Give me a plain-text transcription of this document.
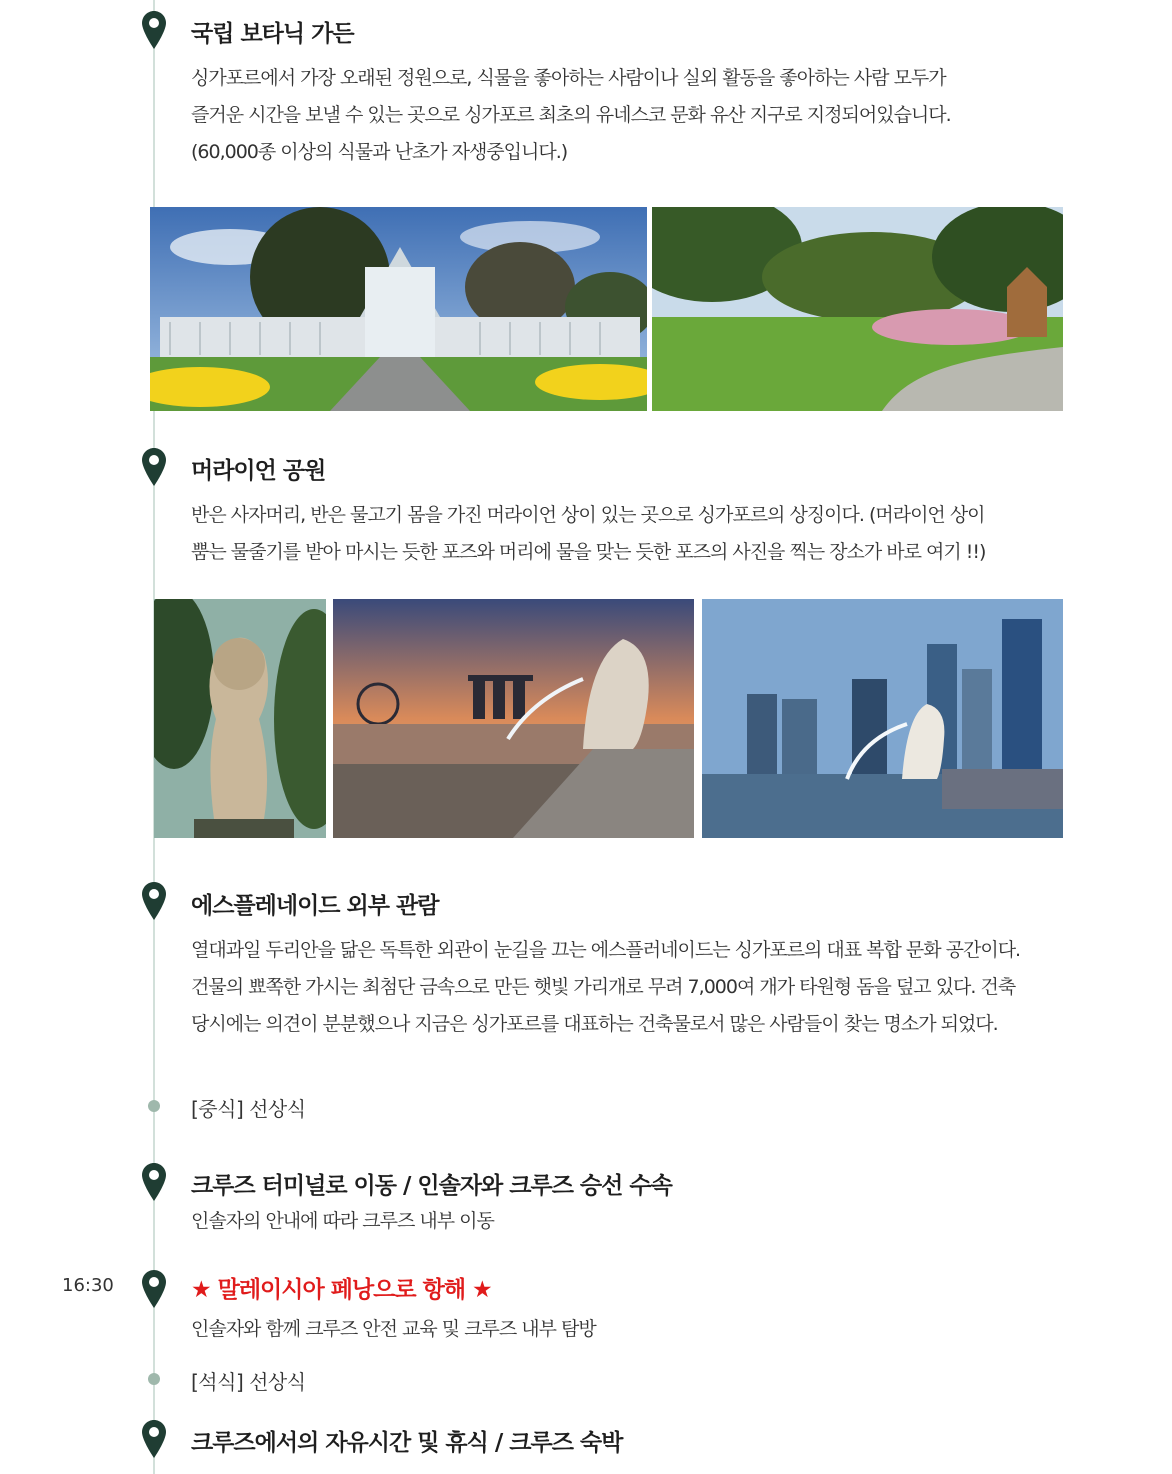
국립 보타닉 가든
싱가포르에서 가장 오래된 정원으로, 식물을 좋아하는 사람이나 실외 활동을 좋아하는 사람 모두가
즐거운 시간을 보낼 수 있는 곳으로 싱가포르 최초의 유네스코 문화 유산 지구로 지정되어있습니다.
(60,000종 이상의 식물과 난초가 자생중입니다.)
머라이언 공원
반은 사자머리, 반은 물고기 몸을 가진 머라이언 상이 있는 곳으로 싱가포르의 상징이다. (머라이언 상이
뿜는 물줄기를 받아 마시는 듯한 포즈와 머리에 물을 맞는 듯한 포즈의 사진을 찍는 장소가 바로 여기 !!)
에스플레네이드 외부 관람
열대과일 두리안을 닮은 독특한 외관이 눈길을 끄는 에스플러네이드는 싱가포르의 대표 복합 문화 공간이다.
건물의 뾰쪽한 가시는 최첨단 금속으로 만든 햇빛 가리개로 무려 7,000여 개가 타원형 돔을 덮고 있다. 건축
당시에는 의견이 분분했으나 지금은 싱가포르를 대표하는 건축물로서 많은 사람들이 찾는 명소가 되었다.
[중식] 선상식
크루즈 터미널로 이동 / 인솔자와 크루즈 승선 수속
인솔자의 안내에 따라 크루즈 내부 이동
16:30	★ 말레이시아 페낭으로 항해 ★
인솔자와 함께 크루즈 안전 교육 및 크루즈 내부 탐방
[석식] 선상식
크루즈에서의 자유시간 및 휴식 / 크루즈 숙박
